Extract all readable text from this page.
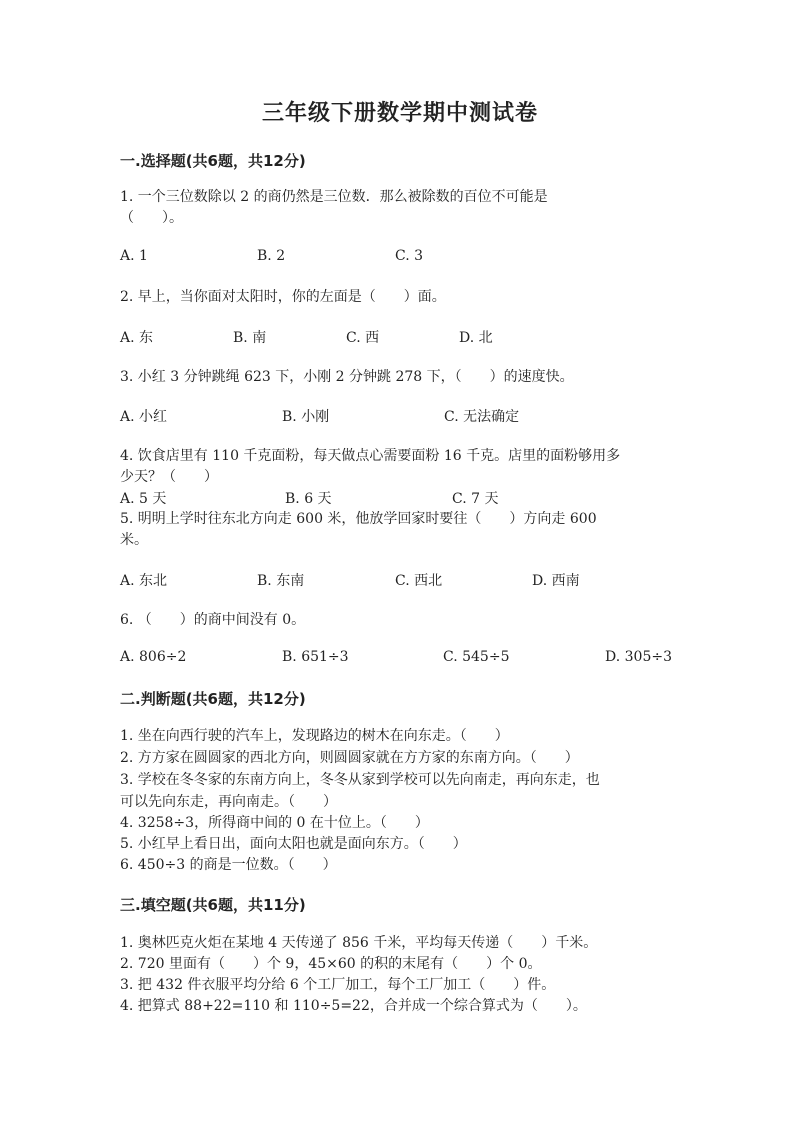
三年级下册数学期中测试卷
一.选择题(共6题，共12分)
1. 一个三位数除以 2 的商仍然是三位数．那么被除数的百位不可能是
（　　）。
A. 1	B. 2	C. 3
2. 早上，当你面对太阳时，你的左面是（　　）面。
A. 东	B. 南	C. 西	D. 北
3. 小红 3 分钟跳绳 623 下，小刚 2 分钟跳 278 下，（　　）的速度快。
A. 小红	B. 小刚	C. 无法确定
4. 饮食店里有 110 千克面粉，每天做点心需要面粉 16 千克。店里的面粉够用多
少天？（　　）
A. 5 天	B. 6 天	C. 7 天
5. 明明上学时往东北方向走 600 米，他放学回家时要往（　　）方向走 600
米。
A. 东北	B. 东南	C. 西北	D. 西南
6. （　　）的商中间没有 0。
A. 806÷2	B. 651÷3	C. 545÷5	D. 305÷3
二.判断题(共6题，共12分)
1. 坐在向西行驶的汽车上，发现路边的树木在向东走。（　　）
2. 方方家在圆圆家的西北方向，则圆圆家就在方方家的东南方向。（　　）
3. 学校在冬冬家的东南方向上，冬冬从家到学校可以先向南走，再向东走，也
可以先向东走，再向南走。（　　）
4. 3258÷3，所得商中间的 0 在十位上。（　　）
5. 小红早上看日出，面向太阳也就是面向东方。（　　）
6. 450÷3 的商是一位数。（　　）
三.填空题(共6题，共11分)
1. 奥林匹克火炬在某地 4 天传递了 856 千米，平均每天传递（　　）千米。
2. 720 里面有（　　）个 9，45×60 的积的末尾有（　　）个 0。
3. 把 432 件衣服平均分给 6 个工厂加工，每个工厂加工（　　）件。
4. 把算式 88+22=110 和 110÷5=22，合并成一个综合算式为（　　）。
